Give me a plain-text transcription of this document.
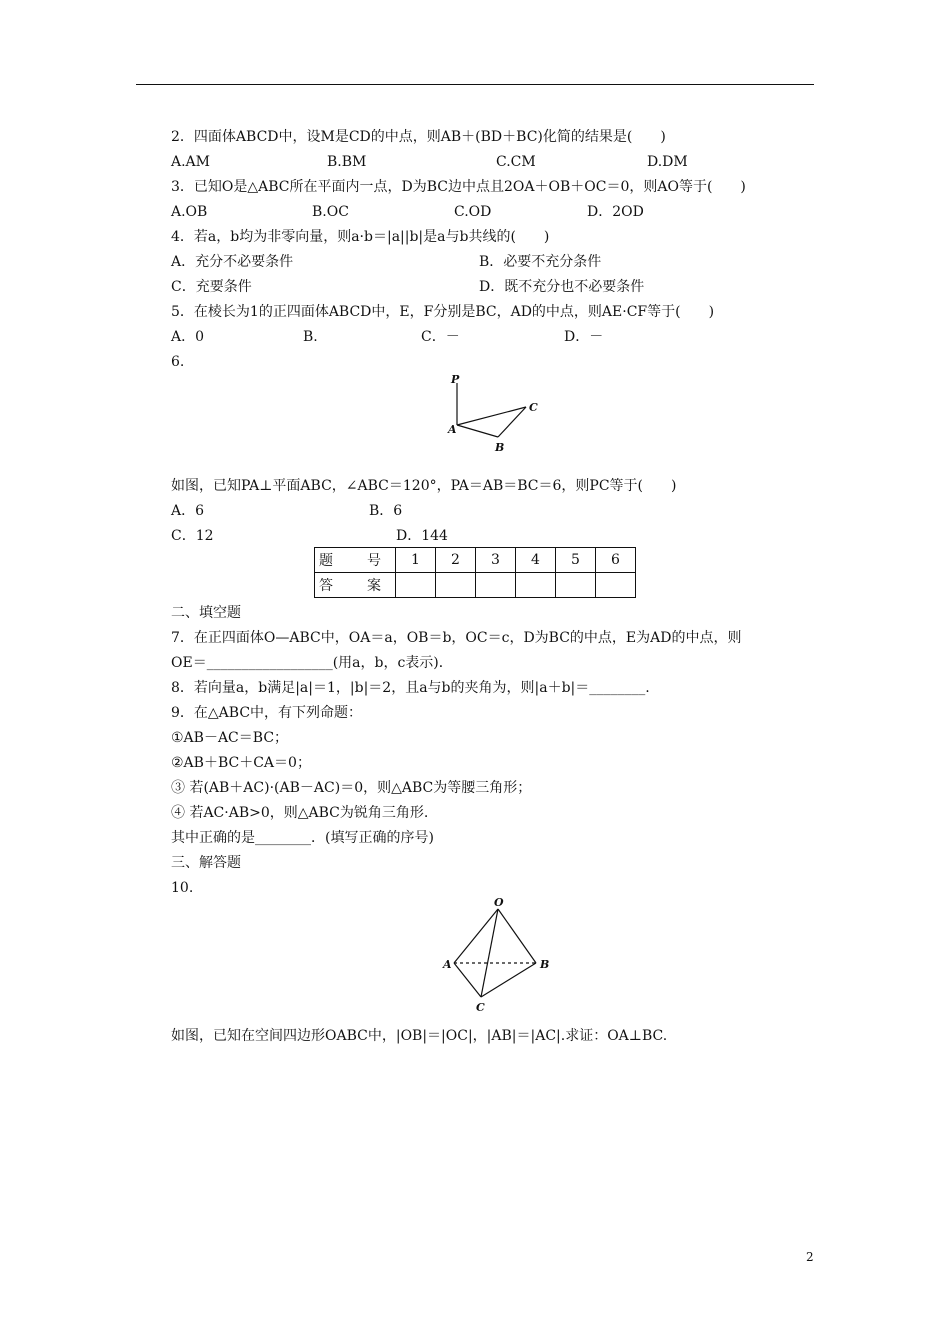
2．四面体ABCD中，设M是CD的中点，则AB＋(BD＋BC)化简的结果是(　　)
A.AM	B.BM	C.CM	D.DM
3．已知O是△ABC所在平面内一点，D为BC边中点且2OA＋OB＋OC＝0，则AO等于(　　)
A.OB	B.OC	C.OD	D．2OD
4．若a，b均为非零向量，则a·b＝|a||b|是a与b共线的(　　)
A．充分不必要条件	B．必要不充分条件
C．充要条件	D．既不充分也不必要条件
5．在棱长为1的正四面体ABCD中，E，F分别是BC，AD的中点，则AE·CF等于(　　)
A．0	B.	C．－	D．－
6.
P
A
B
C
如图，已知PA⊥平面ABC，∠ABC＝120°，PA＝AB＝BC＝6，则PC等于(　　)
A．6	B．6
C．12	D．144
题　号	1	2	3	4	5	6
答　案						
二、填空题
7．在正四面体O—ABC中，OA＝a，OB＝b，OC＝c，D为BC的中点，E为AD的中点，则
OE＝__________________(用a，b，c表示)．
8．若向量a，b满足|a|＝1，|b|＝2，且a与b的夹角为，则|a＋b|＝________.
9．在△ABC中，有下列命题：
①AB－AC＝BC；
②AB＋BC＋CA＝0；
③ 若(AB＋AC)·(AB－AC)＝0，则△ABC为等腰三角形；
④ 若AC·AB>0，则△ABC为锐角三角形.
其中正确的是________．(填写正确的序号)
三、解答题
10.
O
A	B
C
如图，已知在空间四边形OABC中，|OB|＝|OC|，|AB|＝|AC|.求证：OA⊥BC.
2
